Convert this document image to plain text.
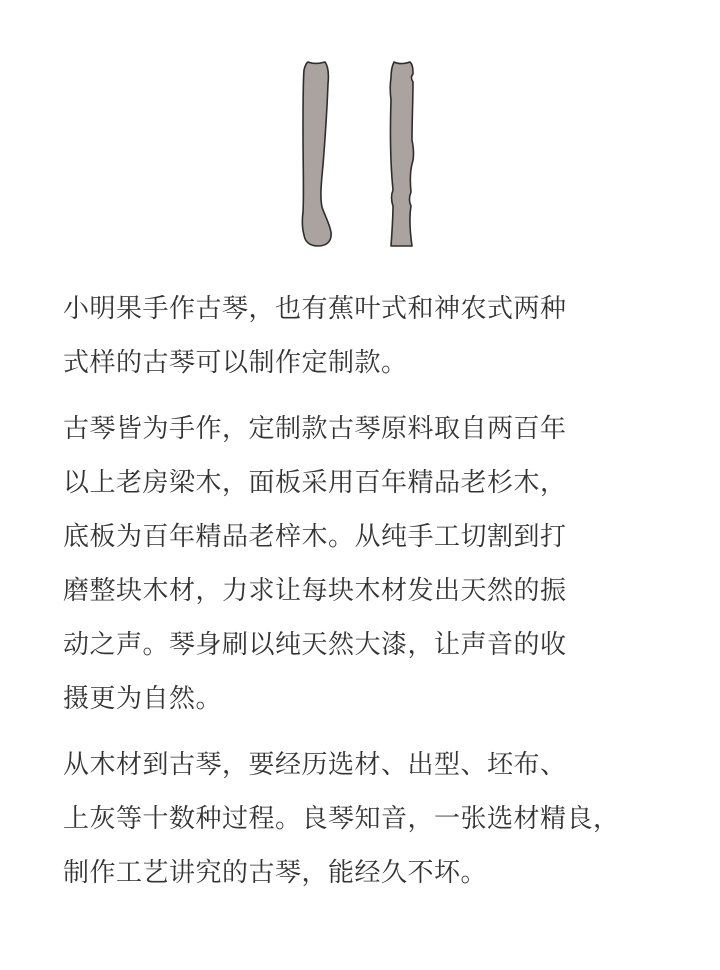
小明果手作古琴，也有蕉叶式和神农式两种
式样的古琴可以制作定制款。

古琴皆为手作，定制款古琴原料取自两百年
以上老房梁木，面板采用百年精品老杉木，
底板为百年精品老梓木。从纯手工切割到打
磨整块木材，力求让每块木材发出天然的振
动之声。琴身刷以纯天然大漆，让声音的收
摄更为自然。

从木材到古琴，要经历选材、出型、坯布、
上灰等十数种过程。良琴知音，一张选材精良，
制作工艺讲究的古琴，能经久不坏。
